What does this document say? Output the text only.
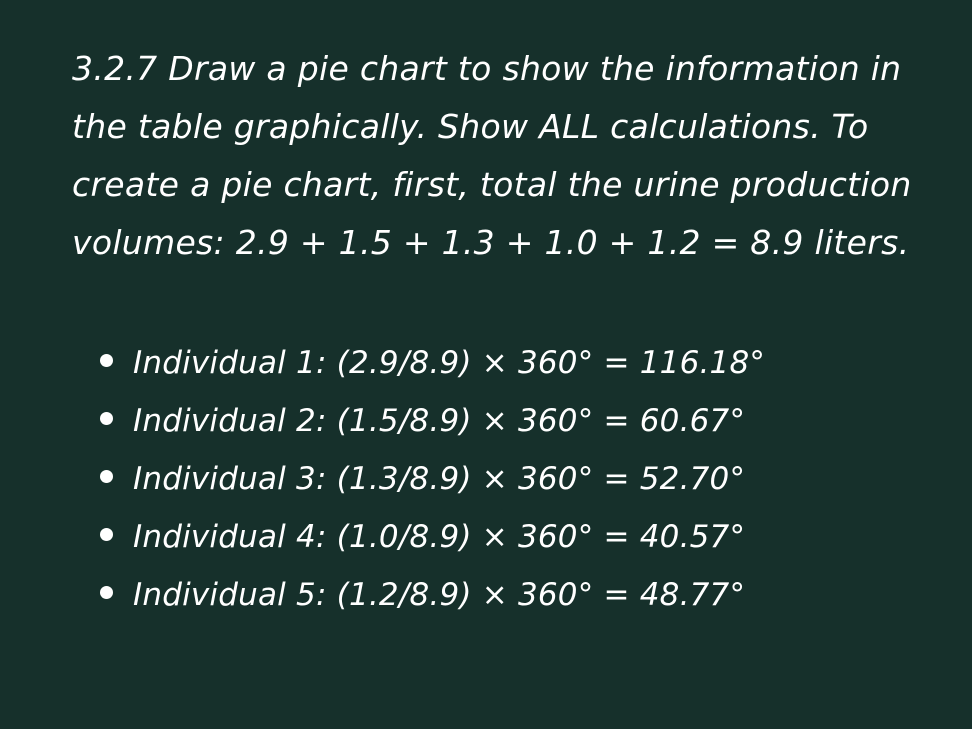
3.2.7 Draw a pie chart to show the information in the table graphically. Show ALL calculations. To create a pie chart, first, total the urine production volumes: 2.9 + 1.5 + 1.3 + 1.0 + 1.2 = 8.9 liters.
Individual 1: (2.9/8.9) × 360° = 116.18°
Individual 2: (1.5/8.9) × 360° = 60.67°
Individual 3: (1.3/8.9) × 360° = 52.70°
Individual 4: (1.0/8.9) × 360° = 40.57°
Individual 5: (1.2/8.9) × 360° = 48.77°
